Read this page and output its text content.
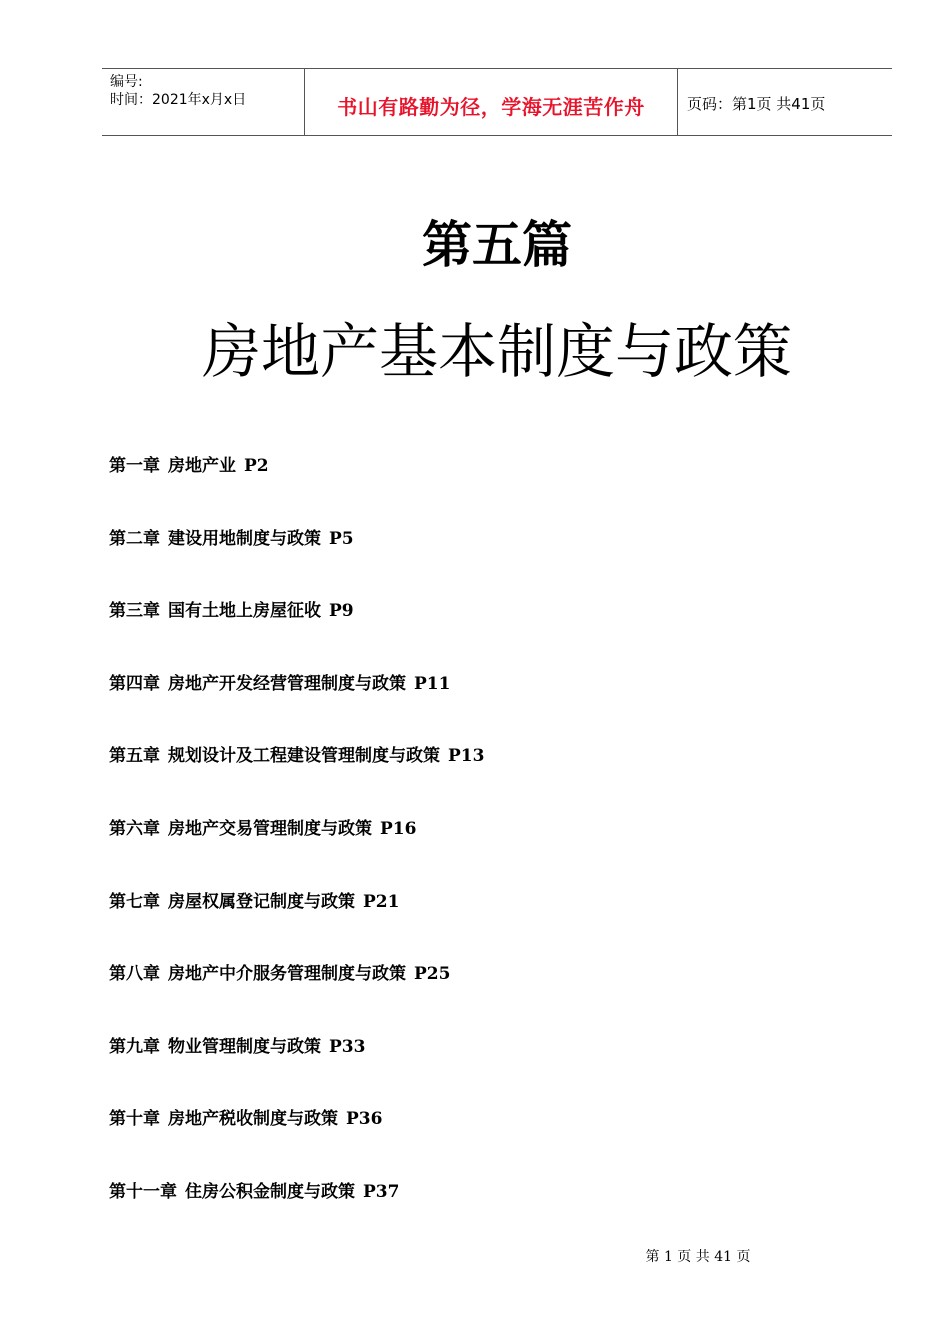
编号:
时间：2021年x月x日	书山有路勤为径，学海无涯苦作舟	页码：第1页 共41页
第五篇
房地产基本制度与政策
第一章 房地产业 P2
第二章 建设用地制度与政策 P5
第三章 国有土地上房屋征收 P9
第四章 房地产开发经营管理制度与政策 P11
第五章 规划设计及工程建设管理制度与政策 P13
第六章 房地产交易管理制度与政策 P16
第七章 房屋权属登记制度与政策 P21
第八章 房地产中介服务管理制度与政策 P25
第九章 物业管理制度与政策 P33
第十章 房地产税收制度与政策 P36
第十一章 住房公积金制度与政策 P37
第 1 页 共 41 页
